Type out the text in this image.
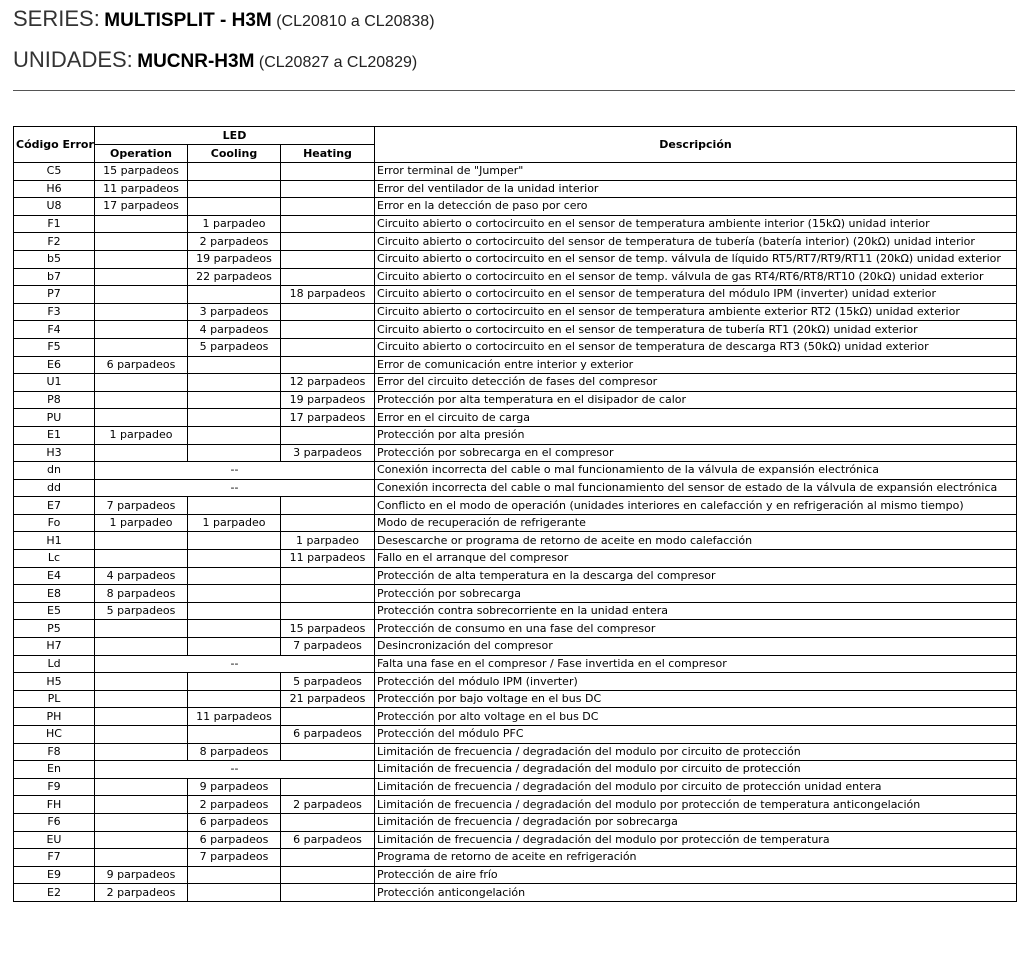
SERIES: MULTISPLIT - H3M (CL20810 a CL20838)
UNIDADES: MUCNR-H3M (CL20827 a CL20829)
Código Error	LED			Descripción
	Operation	Cooling	Heating	
C5	15 parpadeos			Error terminal de "Jumper"
H6	11 parpadeos			Error del ventilador de la unidad interior
U8	17 parpadeos			Error en la detección de paso por cero
F1		1 parpadeo		Circuito abierto o cortocircuito en el sensor de temperatura ambiente interior (15kΩ) unidad interior
F2		2 parpadeos		Circuito abierto o cortocircuito del sensor de temperatura de tubería (batería interior) (20kΩ) unidad interior
b5		19 parpadeos		Circuito abierto o cortocircuito en el sensor de temp. válvula de líquido RT5/RT7/RT9/RT11 (20kΩ) unidad exterior
b7		22 parpadeos		Circuito abierto o cortocircuito en el sensor de temp. válvula de gas RT4/RT6/RT8/RT10 (20kΩ) unidad exterior
P7			18 parpadeos	Circuito abierto o cortocircuito en el sensor de temperatura del módulo IPM (inverter) unidad exterior
F3		3 parpadeos		Circuito abierto o cortocircuito en el sensor de temperatura ambiente exterior RT2 (15kΩ) unidad exterior
F4		4 parpadeos		Circuito abierto o cortocircuito en el sensor de temperatura de tubería RT1 (20kΩ) unidad exterior
F5		5 parpadeos		Circuito abierto o cortocircuito en el sensor de temperatura de descarga RT3 (50kΩ) unidad exterior
E6	6 parpadeos			Error de comunicación entre interior y exterior
U1			12 parpadeos	Error del circuito detección de fases del compresor
P8			19 parpadeos	Protección por alta temperatura en el disipador de calor
PU			17 parpadeos	Error en el circuito de carga
E1	1 parpadeo			Protección por alta presión
H3			3 parpadeos	Protección por sobrecarga en el compresor
dn	--			Conexión incorrecta del cable o mal funcionamiento de la válvula de expansión electrónica
dd	--			Conexión incorrecta del cable o mal funcionamiento del sensor de estado de la válvula de expansión electrónica
E7	7 parpadeos			Conflicto en el modo de operación (unidades interiores en calefacción y en refrigeración al mismo tiempo)
Fo	1 parpadeo	1 parpadeo		Modo de recuperación de refrigerante
H1			1 parpadeo	Desescarche or programa de retorno de aceite en modo calefacción
Lc			11 parpadeos	Fallo en el arranque del compresor
E4	4 parpadeos			Protección de alta temperatura en la descarga del compresor
E8	8 parpadeos			Protección por sobrecarga
E5	5 parpadeos			Protección contra sobrecorriente en la unidad entera
P5			15 parpadeos	Protección de consumo en una fase del compresor
H7			7 parpadeos	Desincronización del compresor
Ld	--			Falta una fase en el compresor / Fase invertida en el compresor
H5			5 parpadeos	Protección del módulo IPM (inverter)
PL			21 parpadeos	Protección por bajo voltage en el bus DC
PH		11 parpadeos		Protección por alto voltage en el bus DC
HC			6 parpadeos	Protección del módulo PFC
F8		8 parpadeos		Limitación de frecuencia / degradación del modulo por circuito de protección
En	--			Limitación de frecuencia / degradación del modulo por circuito de protección
F9		9 parpadeos		Limitación de frecuencia / degradación del modulo por circuito de protección unidad entera
FH		2 parpadeos	2 parpadeos	Limitación de frecuencia / degradación del modulo por protección de temperatura anticongelación
F6		6 parpadeos		Limitación de frecuencia / degradación por sobrecarga
EU		6 parpadeos	6 parpadeos	Limitación de frecuencia / degradación del modulo por protección de temperatura
F7		7 parpadeos		Programa de retorno de aceite en refrigeración
E9	9 parpadeos			Protección de aire frío
E2	2 parpadeos			Protección anticongelación
